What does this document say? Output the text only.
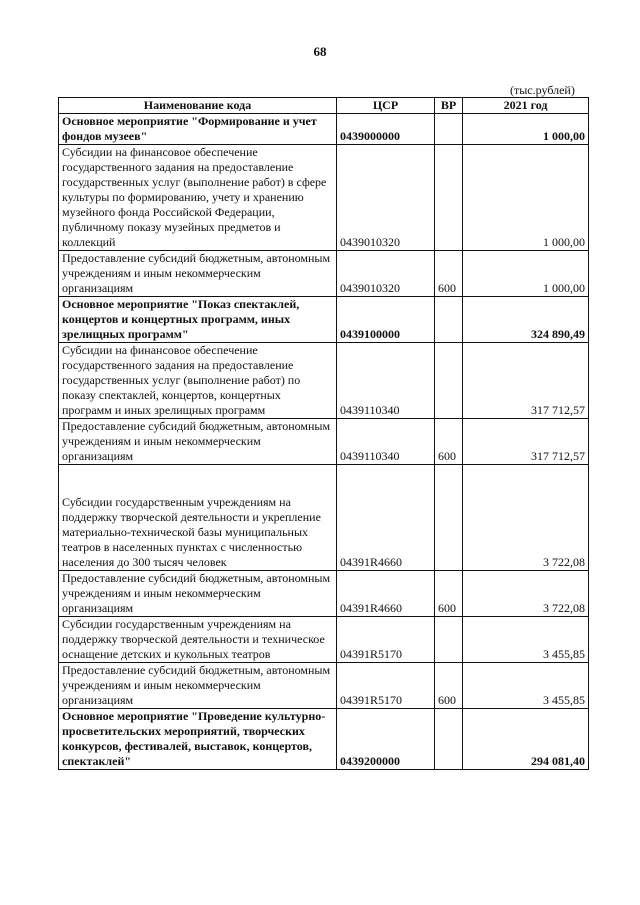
68
(тыс.рублей)
Наименование кода	ЦСР	ВР	2021 год
Основное мероприятие "Формирование и учет фондов музеев"	0439000000		1 000,00
Субсидии на финансовое обеспечение государственного задания на предоставление государственных услуг (выполнение работ) в сфере культуры по формированию, учету и хранению музейного фонда Российской Федерации, публичному показу музейных предметов и коллекций	0439010320		1 000,00
Предоставление субсидий бюджетным, автономным учреждениям и иным некоммерческим организациям	0439010320	600	1 000,00
Основное мероприятие "Показ спектаклей, концертов и концертных программ, иных зрелищных программ"	0439100000		324 890,49
Субсидии на финансовое обеспечение государственного задания на предоставление государственных услуг (выполнение работ) по показу спектаклей, концертов, концертных программ и иных зрелищных программ	0439110340		317 712,57
Предоставление субсидий бюджетным, автономным учреждениям и иным некоммерческим организациям	0439110340	600	317 712,57
Субсидии государственным учреждениям на поддержку творческой деятельности и укрепление материально-технической базы муниципальных театров в населенных пунктах с численностью населения до 300 тысяч человек	04391R4660		3 722,08
Предоставление субсидий бюджетным, автономным учреждениям и иным некоммерческим организациям	04391R4660	600	3 722,08
Субсидии государственным учреждениям на поддержку творческой деятельности и техническое оснащение детских и кукольных театров	04391R5170		3 455,85
Предоставление субсидий бюджетным, автономным учреждениям и иным некоммерческим организациям	04391R5170	600	3 455,85
Основное мероприятие "Проведение культурно-просветительских мероприятий, творческих конкурсов, фестивалей, выставок, концертов, спектаклей"	0439200000		294 081,40
